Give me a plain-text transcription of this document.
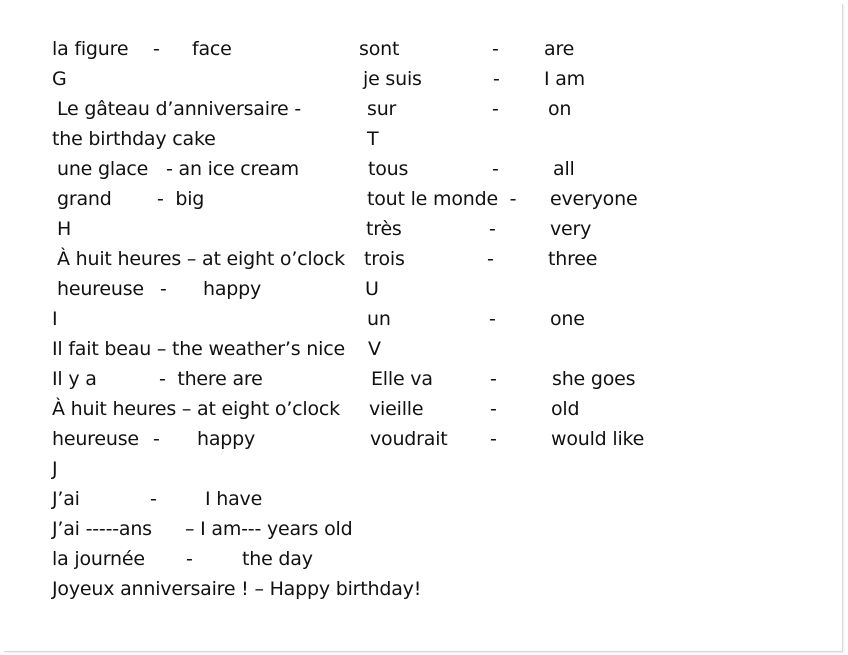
la figure - face
G
Le gâteau d’anniversaire -
the birthday cake
une glace - an ice cream
grand -  big
H
À huit heures – at eight o’clock
heureuse - happy
I
Il fait beau – the weather’s nice
Il y a	-  there are
À huit heures – at eight o’clock
heureuse - happy
J
J’ai	-	I have
J’ai -----ans – I am--- years old
la journée -	the day
Joyeux anniversaire ! – Happy birthday!
sont	- are
je suis	- I am
sur	-	on
T
tous	-	all
tout le monde  - everyone
très	-	very
trois	-	three
U
un	-	one
V
Elle va	-	she goes
vieille	-	old
voudrait -	would like
